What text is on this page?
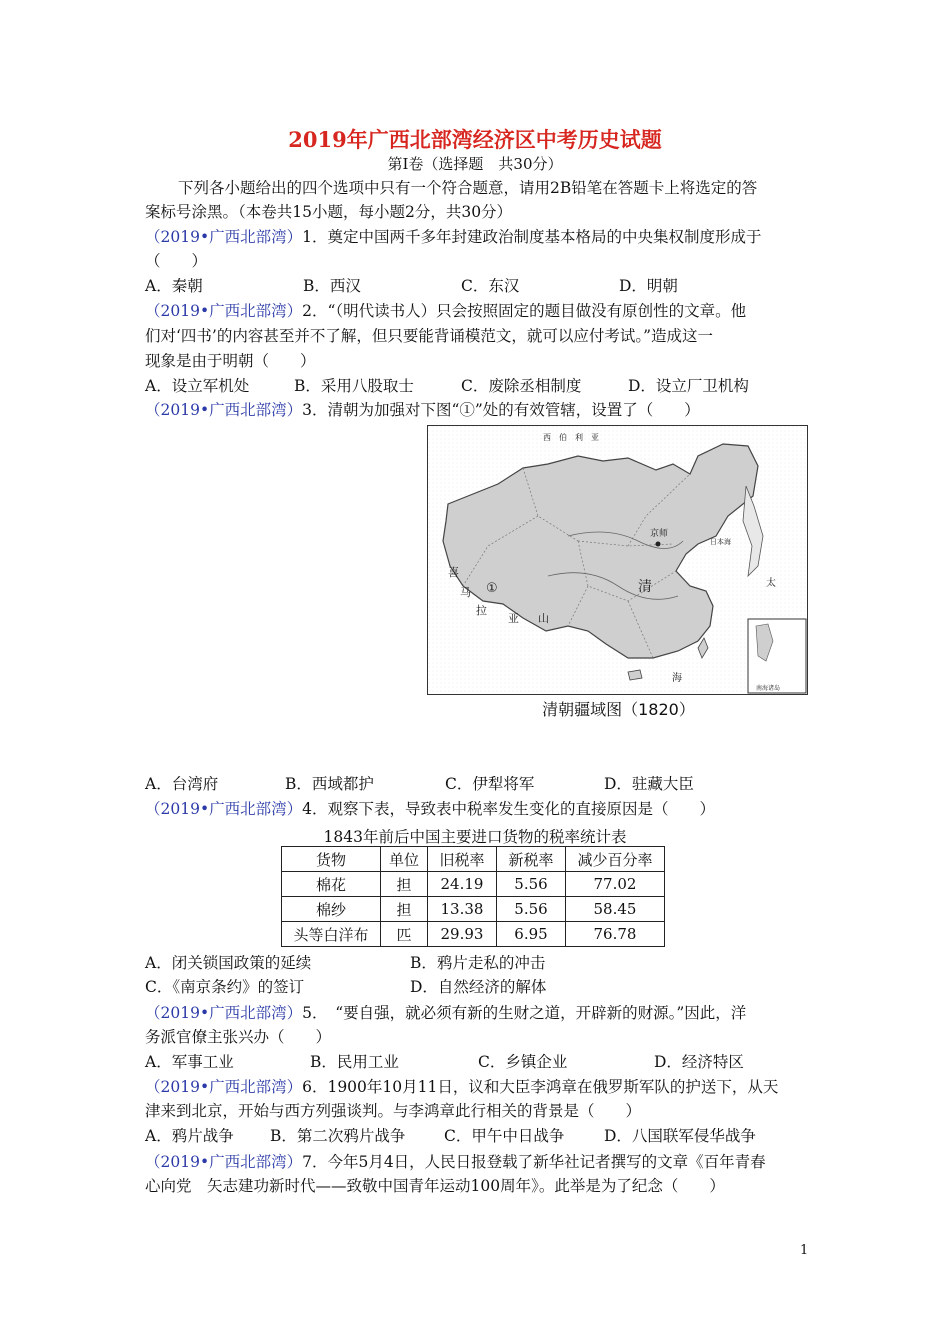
2019年广西北部湾经济区中考历史试题
第Ⅰ卷（选择题　共30分）
下列各小题给出的四个选项中只有一个符合题意，请用2B铅笔在答题卡上将选定的答
案标号涂黑。（本卷共15小题，每小题2分，共30分）
（2019•广西北部湾）1．奠定中国两千多年封建政治制度基本格局的中央集权制度形成于
（　　）
A．秦朝	B．西汉	C．东汉	D．明朝
（2019•广西北部湾）2．“（明代读书人）只会按照固定的题目做没有原创性的文章。他
们对‘四书’的内容甚至并不了解，但只要能背诵模范文，就可以应付考试。”造成这一
现象是由于明朝（　　）
A．设立军机处	B．采用八股取士	C．废除丞相制度	D．设立厂卫机构
（2019•广西北部湾）3．清朝为加强对下图“①”处的有效管辖，设置了（　　）
西　伯　利　亚
京师
清
①
喜
马
拉
亚 山
日本海
太
海
南海诸岛
清朝疆域图（1820）
A．台湾府	B．西域都护	C．伊犁将军	D．驻藏大臣
（2019•广西北部湾）4．观察下表，导致表中税率发生变化的直接原因是（　　）
1843年前后中国主要进口货物的税率统计表
货物	单位	旧税率	新税率	减少百分率
棉花	担	24.19	5.56	77.02
棉纱	担	13.38	5.56	58.45
头等白洋布	匹	29.93	6.95	76.78
A．闭关锁国政策的延续	B．鸦片走私的冲击
C．《南京条约》的签订	D．自然经济的解体
（2019•广西北部湾）5．　“要自强，就必须有新的生财之道，开辟新的财源。”因此，洋
务派官僚主张兴办（　　）
A．军事工业	B．民用工业	C．乡镇企业	D．经济特区
（2019•广西北部湾）6．1900年10月11日，议和大臣李鸿章在俄罗斯军队的护送下，从天
津来到北京，开始与西方列强谈判。与李鸿章此行相关的背景是（　　）
A．鸦片战争 B．第二次鸦片战争 C．甲午中日战争	D．八国联军侵华战争
（2019•广西北部湾）7．今年5月4日，人民日报登载了新华社记者撰写的文章《百年青春
心向党　矢志建功新时代——致敬中国青年运动100周年》。此举是为了纪念（　　）
1
